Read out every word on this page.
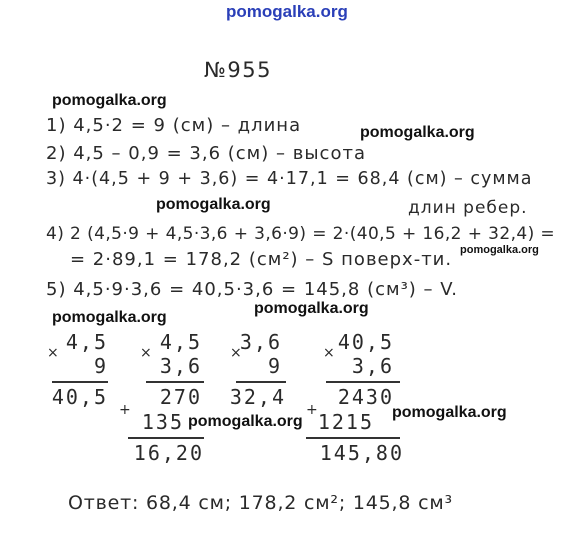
pomogalka.org
pomogalka.org
pomogalka.org
pomogalka.org
pomogalka.org
pomogalka.org
pomogalka.org
pomogalka.org
pomogalka.org
№955
1) 4,5·2 = 9 (см) – длина
2) 4,5 – 0,9 = 3,6 (см) – высота
3) 4·(4,5 + 9 + 3,6) = 4·17,1 = 68,4 (см) – сумма
длин ребер.
4) 2 (4,5·9 + 4,5·3,6 + 3,6·9) = 2·(40,5 + 16,2 + 32,4) =
= 2·89,1 = 178,2 (см²) – S поверх-ти.
5) 4,5·9·3,6 = 40,5·3,6 = 145,8 (см³) – V.
× 4,5
9
40,5
× 4,5
3,6
270
+ 135
16,20
×
3,6
9
32,4
× 40,5
3,6
2430
+ 1215
145,80
Ответ: 68,4 см; 178,2 см²; 145,8 см³
